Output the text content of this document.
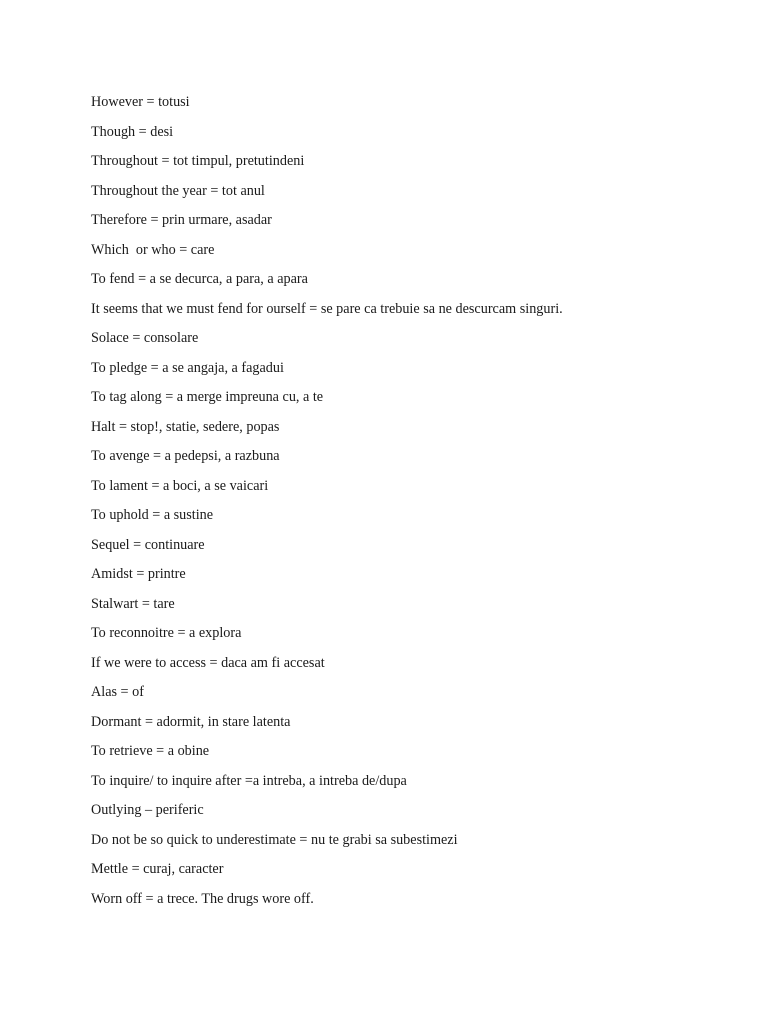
However = totusi
Though = desi
Throughout = tot timpul, pretutindeni
Throughout the year = tot anul
Therefore = prin urmare, asadar
Which  or who = care
To fend = a se decurca, a para, a apara
It seems that we must fend for ourself = se pare ca trebuie sa ne descurcam singuri.
Solace = consolare
To pledge = a se angaja, a fagadui
To tag along = a merge impreuna cu, a te
Halt = stop!, statie, sedere, popas
To avenge = a pedepsi, a razbuna
To lament = a boci, a se vaicari
To uphold = a sustine
Sequel = continuare
Amidst = printre
Stalwart = tare
To reconnoitre = a explora
If we were to access = daca am fi accesat
Alas = of
Dormant = adormit, in stare latenta
To retrieve = a obine
To inquire/ to inquire after =a intreba, a intreba de/dupa
Outlying – periferic
Do not be so quick to underestimate = nu te grabi sa subestimezi
Mettle = curaj, caracter
Worn off = a trece. The drugs wore off.
